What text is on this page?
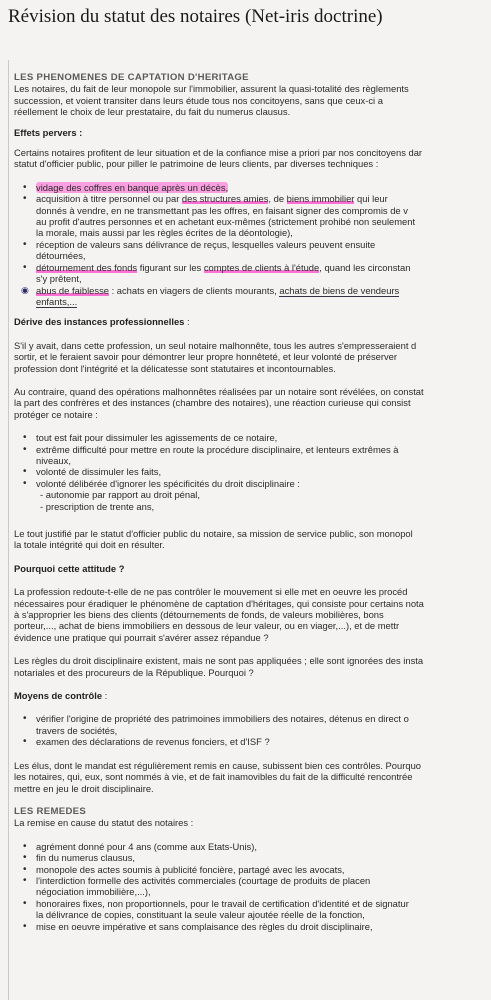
Révision du statut des notaires (Net-iris doctrine)
LES PHENOMENES DE CAPTATION D'HERITAGE
Les notaires, du fait de leur monopole sur l'immobilier, assurent la quasi-totalité des règlements
succession, et voient transiter dans leurs étude tous nos concitoyens, sans que ceux-ci a
réellement le choix de leur prestataire, du fait du numerus clausus.
Effets pervers :
Certains notaires profitent de leur situation et de la confiance mise a priori par nos concitoyens dar
statut d'officier public, pour piller le patrimoine de leurs clients, par diverses techniques :
• vidage des coffres en banque après un décès,
• acquisition à titre personnel ou par des structures amies, de biens immobilier qui leur
donnés à vendre, en ne transmettant pas les offres, en faisant signer des compromis de v
au profit d'autres personnes et en achetant eux-mêmes (strictement prohibé non seulement
la morale, mais aussi par les règles écrites de la déontologie),
• réception de valeurs sans délivrance de reçus, lesquelles valeurs peuvent ensuite
détournées,
• détournement des fonds figurant sur les comptes de clients à l'étude, quand les circonstan
s'y prêtent,
◉ abus de faiblesse : achats en viagers de clients mourants, achats de biens de vendeurs
enfants,...
Dérive des instances professionnelles :
S'il y avait, dans cette profession, un seul notaire malhonnête, tous les autres s'empresseraient d
sortir, et le feraient savoir pour démontrer leur propre honnêteté, et leur volonté de préserver
profession dont l'intégrité et la délicatesse sont statutaires et incontournables.
Au contraire, quand des opérations malhonnêtes réalisées par un notaire sont révélées, on constat
la part des confrères et des instances (chambre des notaires), une réaction curieuse qui consist
protéger ce notaire :
• tout est fait pour dissimuler les agissements de ce notaire,
• extrême difficulté pour mettre en route la procédure disciplinaire, et lenteurs extrêmes à
niveaux,
• volonté de dissimuler les faits,
• volonté délibérée d'ignorer les spécificités du droit disciplinaire :
- autonomie par rapport au droit pénal,
- prescription de trente ans,
Le tout justifié par le statut d'officier public du notaire, sa mission de service public, son monopol
la totale intégrité qui doit en résulter.
Pourquoi cette attitude ?
La profession redoute-t-elle de ne pas contrôler le mouvement si elle met en oeuvre les procéd
nécessaires pour éradiquer le phénomène de captation d'héritages, qui consiste pour certains nota
à s'approprier les biens des clients (détournements de fonds, de valeurs mobilières, bons
porteur,..., achat de biens immobiliers en dessous de leur valeur, ou en viager,...), et de mettr
évidence une pratique qui pourrait s'avérer assez répandue ?
Les règles du droit disciplinaire existent, mais ne sont pas appliquées ; elle sont ignorées des insta
notariales et des procureurs de la République. Pourquoi ?
Moyens de contrôle :
• vérifier l'origine de propriété des patrimoines immobiliers des notaires, détenus en direct o
travers de sociétés,
• examen des déclarations de revenus fonciers, et d'ISF ?
Les élus, dont le mandat est régulièrement remis en cause, subissent bien ces contrôles. Pourquo
les notaires, qui, eux, sont nommés à vie, et de fait inamovibles du fait de la difficulté rencontrée
mettre en jeu le droit disciplinaire.
LES REMEDES
La remise en cause du statut des notaires :
• agrément donné pour 4 ans (comme aux Etats-Unis),
• fin du numerus clausus,
• monopole des actes soumis à publicité foncière, partagé avec les avocats,
• l'interdiction formelle des activités commerciales (courtage de produits de placen
négociation immobilière,...),
• honoraires fixes, non proportionnels, pour le travail de certification d'identité et de signatur
la délivrance de copies, constituant la seule valeur ajoutée réelle de la fonction,
• mise en oeuvre impérative et sans complaisance des règles du droit disciplinaire,
